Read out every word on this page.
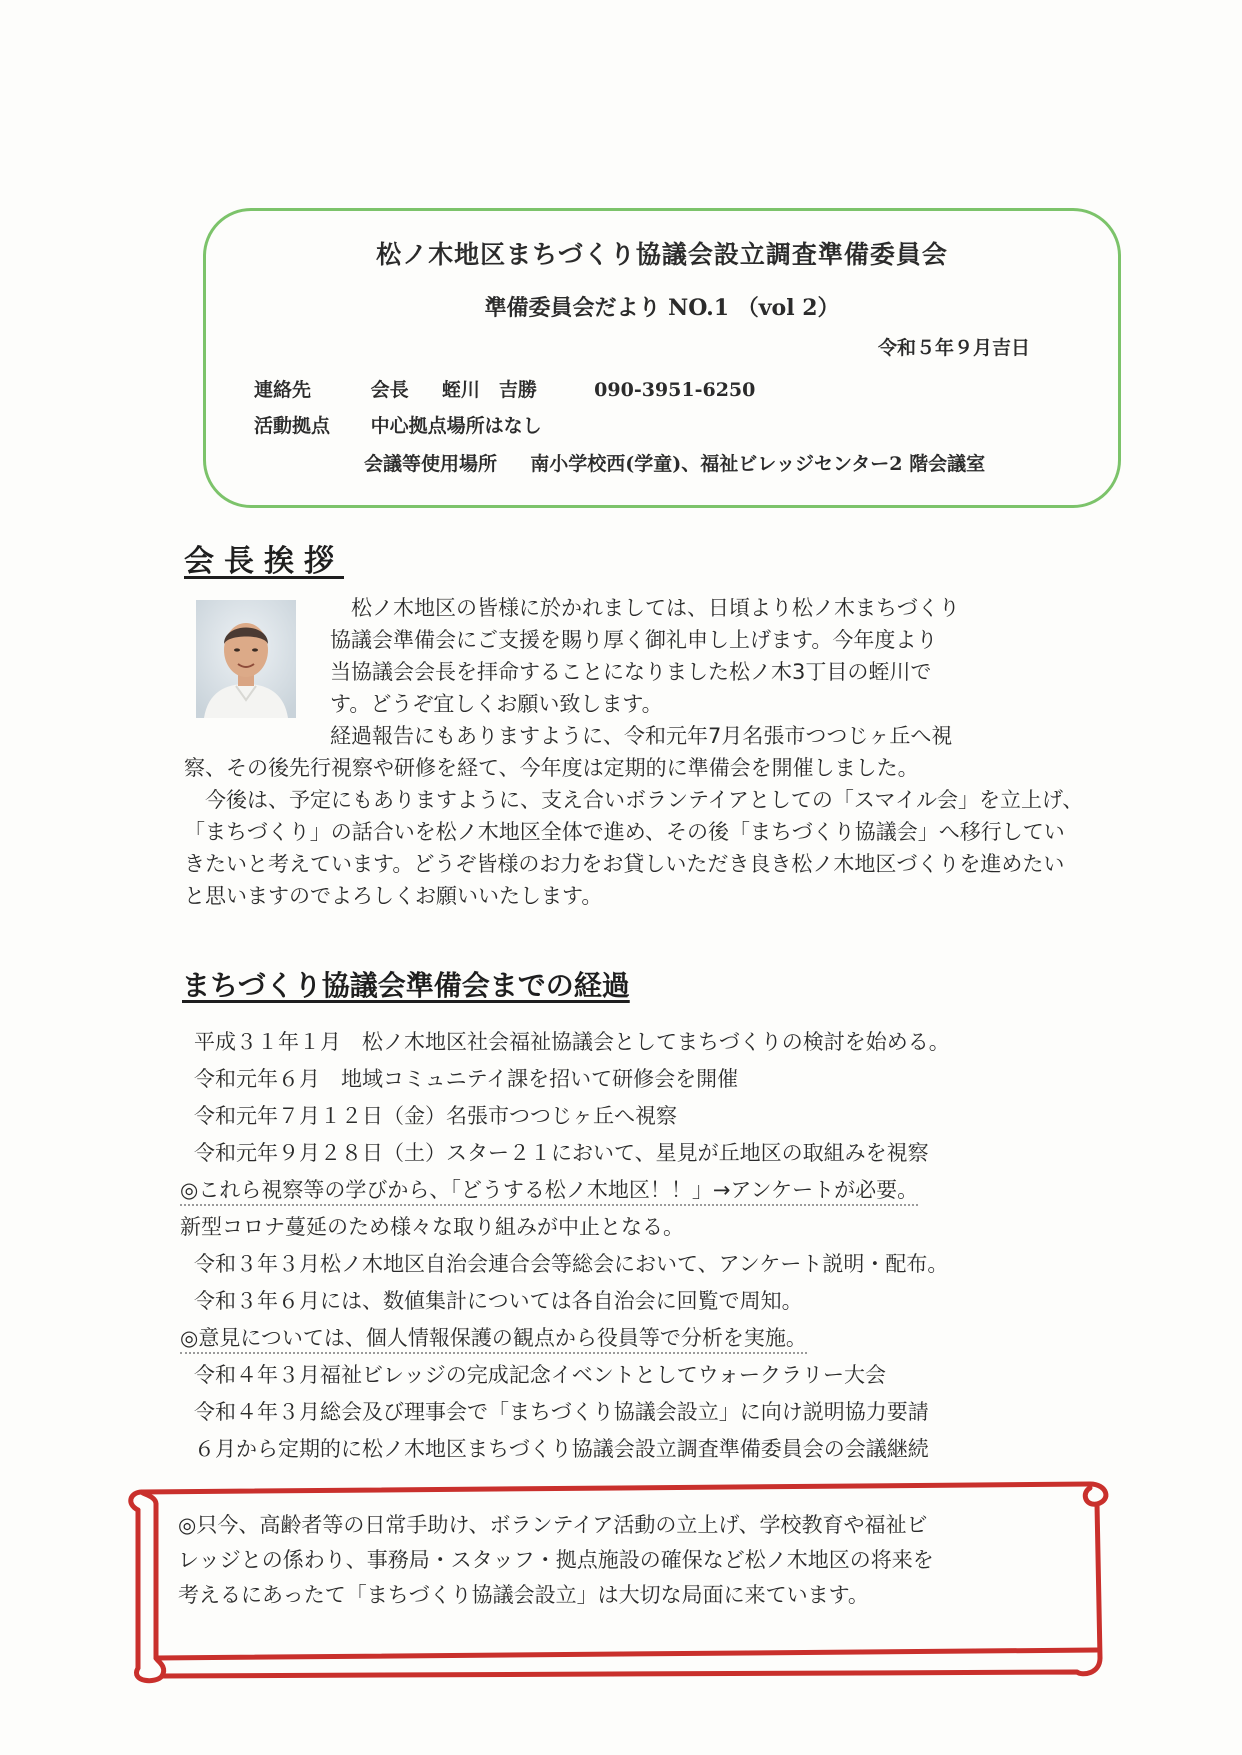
松ノ木地区まちづくり協議会設立調査準備委員会
準備委員会だより NO.1 （vol 2）
令和５年９月吉日
連絡先	会長 蛭川　吉勝	090-3951-6250
活動拠点 中心拠点場所はなし
会議等使用場所 南小学校西(学童)、福祉ビレッジセンター2 階会議室
会長挨拶

松ノ木地区の皆様に於かれましては、日頃より松ノ木まちづくり

協議会準備会にご支援を賜り厚く御礼申し上げます。今年度より

当協議会会長を拝命することになりました松ノ木3丁目の蛭川で

す。どうぞ宜しくお願い致します。

経過報告にもありますように、令和元年7月名張市つつじヶ丘へ視

察、その後先行視察や研修を経て、今年度は定期的に準備会を開催しました。

今後は、予定にもありますように、支え合いボランテイアとしての「スマイル会」を立上げ、「まちづくり」の話合いを松ノ木地区全体で進め、その後「まちづくり協議会」へ移行していきたいと考えています。どうぞ皆様のお力をお貸しいただき良き松ノ木地区づくりを進めたいと思いますのでよろしくお願いいたします。

まちづくり協議会準備会までの経過
平成３１年１月　松ノ木地区社会福祉協議会としてまちづくりの検討を始める。
令和元年６月　地域コミュニテイ課を招いて研修会を開催
令和元年７月１２日（金）名張市つつじヶ丘へ視察
令和元年９月２８日（土）スター２１において、星見が丘地区の取組みを視察
◎これら視察等の学びから、「どうする松ノ木地区！！」→アンケートが必要。
新型コロナ蔓延のため様々な取り組みが中止となる。
令和３年３月松ノ木地区自治会連合会等総会において、アンケート説明・配布。
令和３年６月には、数値集計については各自治会に回覧で周知。
◎意見については、個人情報保護の観点から役員等で分析を実施。
令和４年３月福祉ビレッジの完成記念イベントとしてウォークラリー大会
令和４年３月総会及び理事会で「まちづくり協議会設立」に向け説明協力要請
６月から定期的に松ノ木地区まちづくり協議会設立調査準備委員会の会議継続

◎只今、高齢者等の日常手助け、ボランテイア活動の立上げ、学校教育や福祉ビ

レッジとの係わり、事務局・スタッフ・拠点施設の確保など松ノ木地区の将来を

考えるにあったて「まちづくり協議会設立」は大切な局面に来ています。
